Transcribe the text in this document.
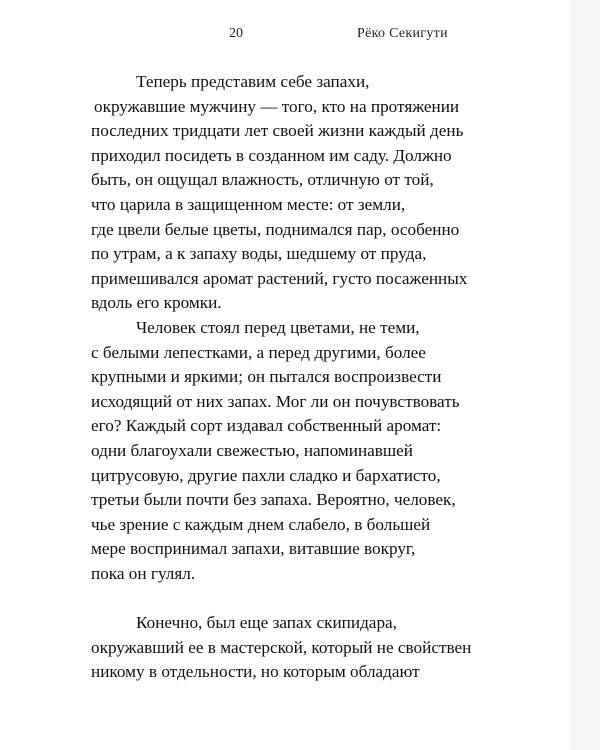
20	Рёко Секигути
Теперь представим себе запахи,
окружавшие мужчину — того, кто на протяжении
последних тридцати лет своей жизни каждый день
приходил посидеть в созданном им саду. Должно
быть, он ощущал влажность, отличную от той,
что царила в защищенном месте: от земли,
где цвели белые цветы, поднимался пар, особенно
по утрам, а к запаху воды, шедшему от пруда,
примешивался аромат растений, густо посаженных
вдоль его кромки.
Человек стоял перед цветами, не теми,
с белыми лепестками, а перед другими, более
крупными и яркими; он пытался воспроизвести
исходящий от них запах. Мог ли он почувствовать
его? Каждый сорт издавал собственный аромат:
одни благоухали свежестью, напоминавшей
цитрусовую, другие пахли сладко и бархатисто,
третьи были почти без запаха. Вероятно, человек,
чье зрение с каждым днем слабело, в большей
мере воспринимал запахи, витавшие вокруг,
пока он гулял.
Конечно, был еще запах скипидара,
окружавший ее в мастерской, который не свойствен
никому в отдельности, но которым обладают
